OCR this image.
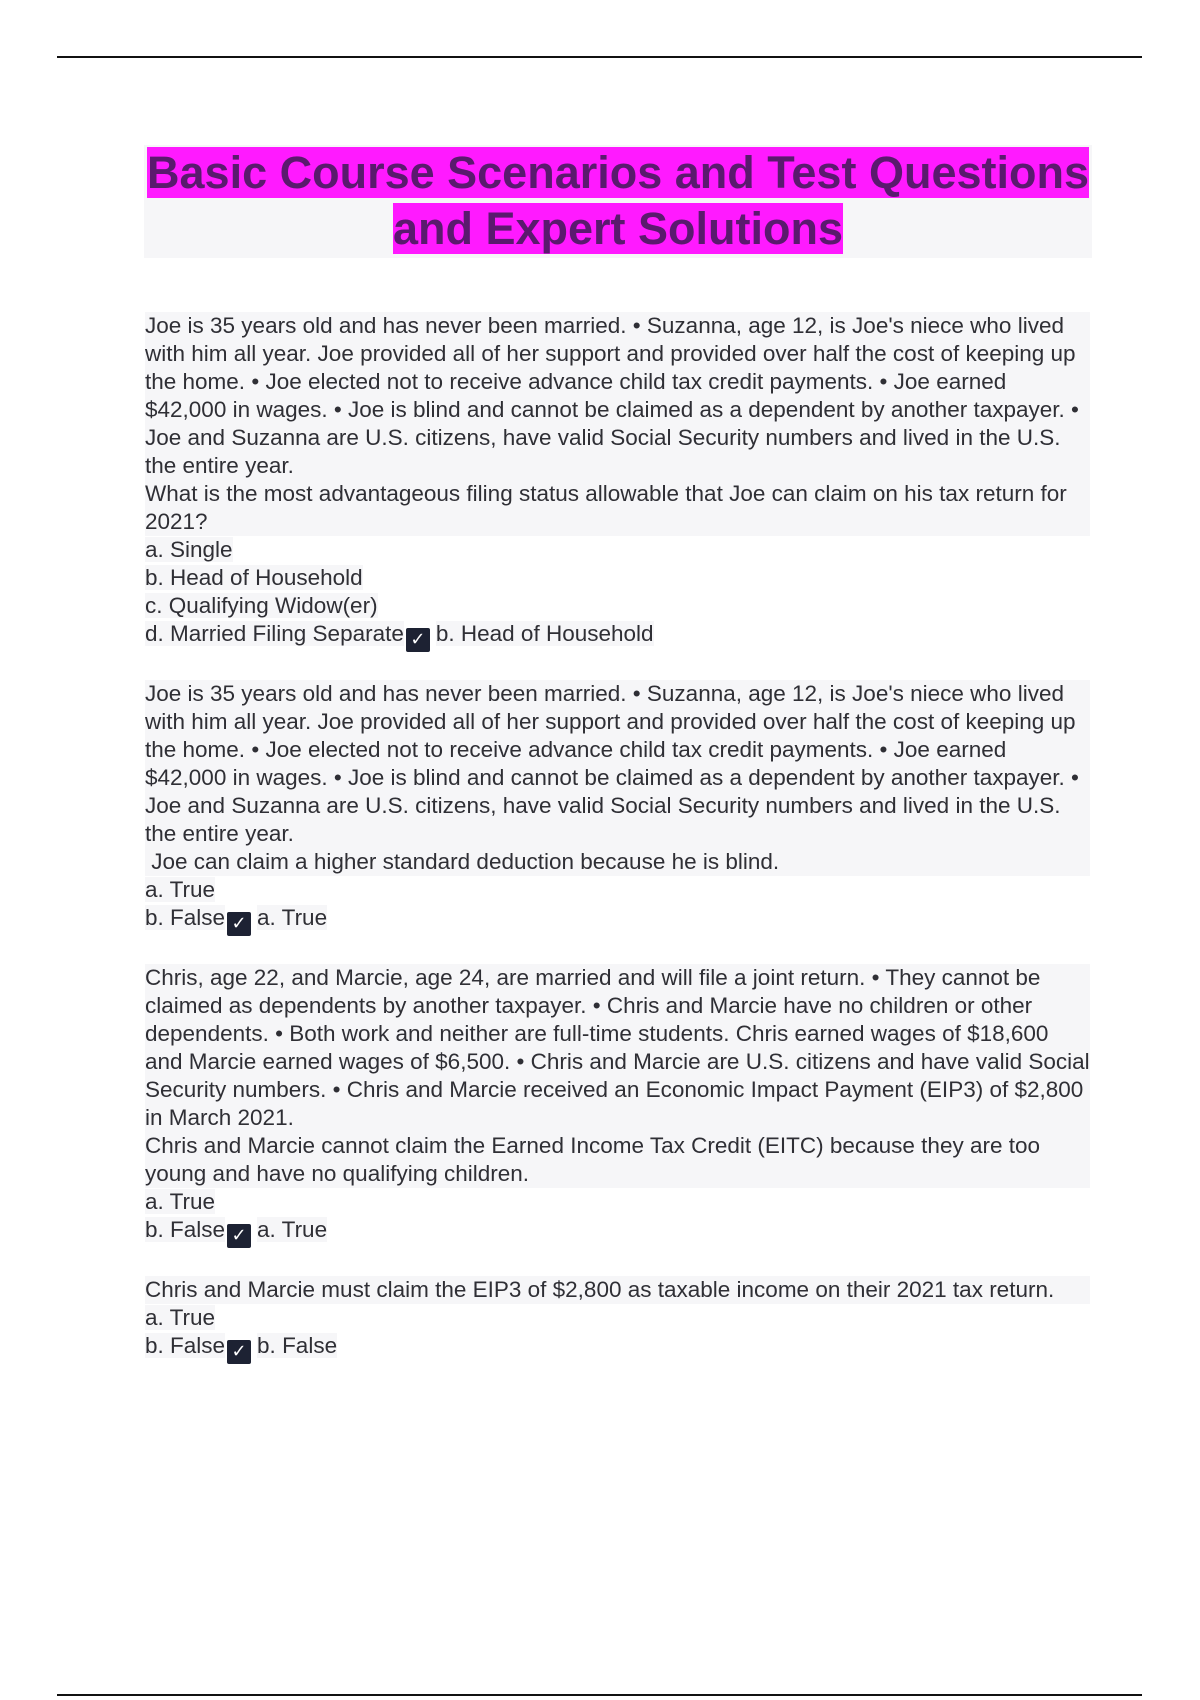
Basic Course Scenarios and Test Questions and Expert Solutions
Joe is 35 years old and has never been married. • Suzanna, age 12, is Joe's niece who lived with him all year. Joe provided all of her support and provided over half the cost of keeping up the home. • Joe elected not to receive advance child tax credit payments. • Joe earned $42,000 in wages. • Joe is blind and cannot be claimed as a dependent by another taxpayer. • Joe and Suzanna are U.S. citizens, have valid Social Security numbers and lived in the U.S. the entire year.
What is the most advantageous filing status allowable that Joe can claim on his tax return for 2021?
a. Single
b. Head of Household
c. Qualifying Widow(er)
d. Married Filing Separate ✓ b. Head of Household
Joe is 35 years old and has never been married. • Suzanna, age 12, is Joe's niece who lived with him all year. Joe provided all of her support and provided over half the cost of keeping up the home. • Joe elected not to receive advance child tax credit payments. • Joe earned $42,000 in wages. • Joe is blind and cannot be claimed as a dependent by another taxpayer. • Joe and Suzanna are U.S. citizens, have valid Social Security numbers and lived in the U.S. the entire year.
Joe can claim a higher standard deduction because he is blind.
a. True
b. False ✓ a. True
Chris, age 22, and Marcie, age 24, are married and will file a joint return. • They cannot be claimed as dependents by another taxpayer. • Chris and Marcie have no children or other dependents. • Both work and neither are full-time students. Chris earned wages of $18,600 and Marcie earned wages of $6,500. • Chris and Marcie are U.S. citizens and have valid Social Security numbers. • Chris and Marcie received an Economic Impact Payment (EIP3) of $2,800 in March 2021.
Chris and Marcie cannot claim the Earned Income Tax Credit (EITC) because they are too young and have no qualifying children.
a. True
b. False ✓ a. True
Chris and Marcie must claim the EIP3 of $2,800 as taxable income on their 2021 tax return.
a. True
b. False ✓ b. False
